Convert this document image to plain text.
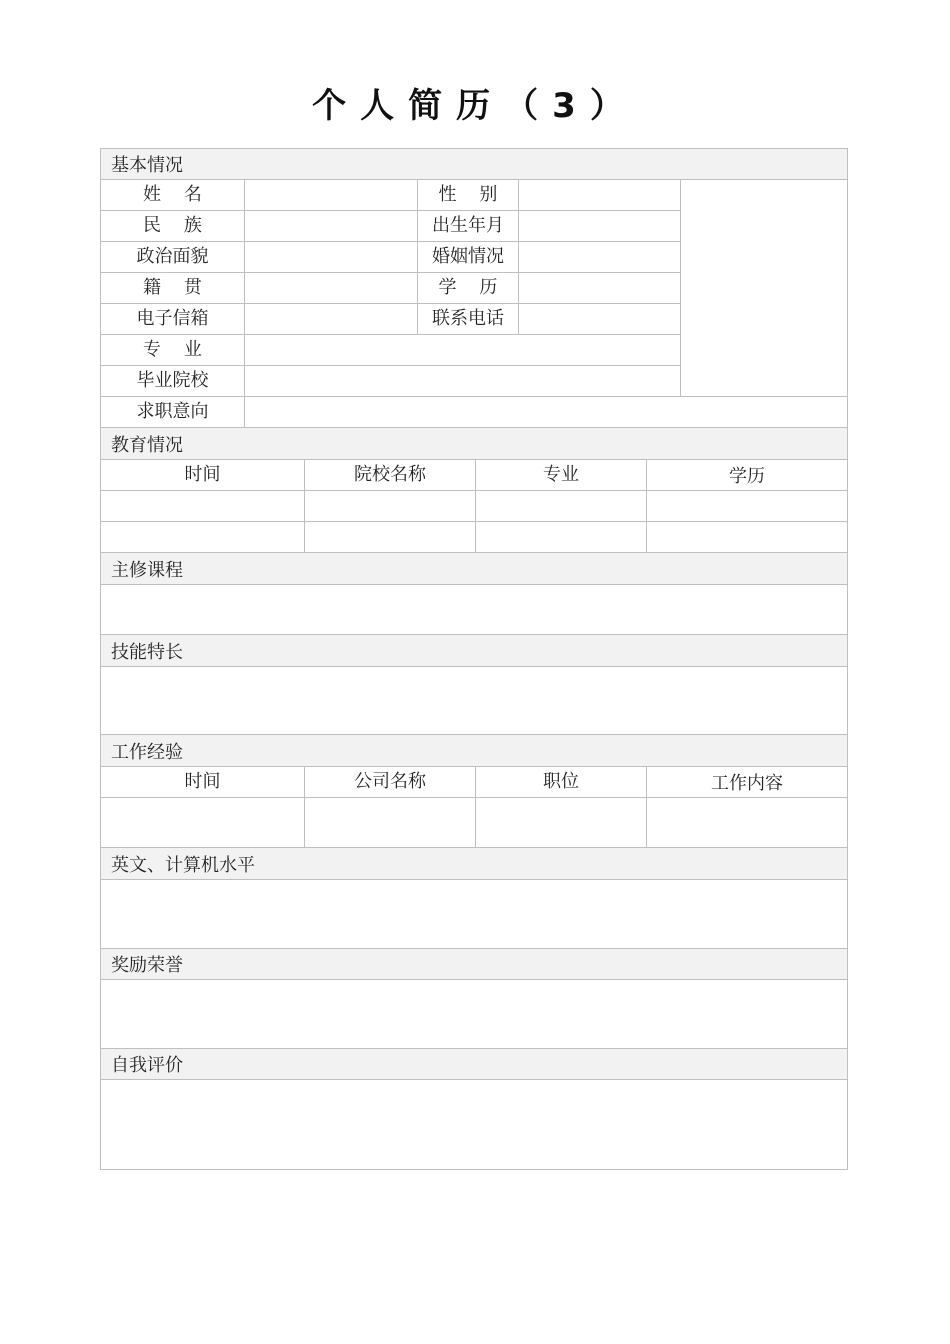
个人简历（3）
基本情况
姓    名	性    别
民    族	出生年月
政治面貌	婚姻情况
籍    贯	学    历
电子信箱	联系电话
专    业
毕业院校
求职意向
教育情况
时间	院校名称	专业	学历
主修课程
技能特长
工作经验
时间	公司名称	职位	工作内容
英文、计算机水平
奖励荣誉
自我评价
